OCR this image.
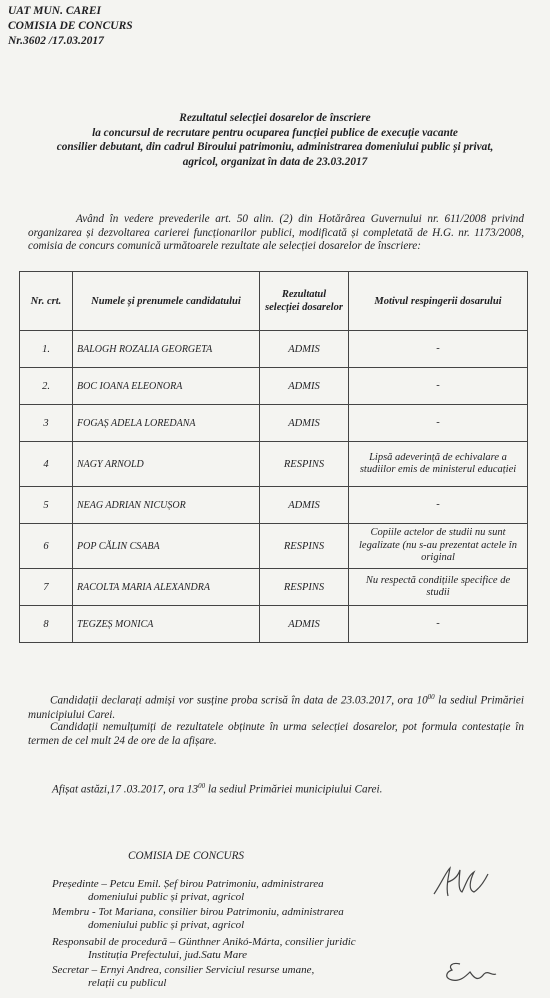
UAT MUN. CAREI
COMISIA DE CONCURS
Nr.3602 /17.03.2017
Rezultatul selecției dosarelor de înscriere
la concursul de recrutare pentru ocuparea funcției publice de execuție vacante
consilier debutant, din cadrul Biroului patrimoniu, administrarea domeniului public și privat,
agricol, organizat în data de 23.03.2017
Având în vedere prevederile art. 50 alin. (2) din Hotărârea Guvernului nr. 611/2008 privind organizarea și dezvoltarea carierei funcționarilor publici, modificată și completată de H.G. nr. 1173/2008, comisia de concurs comunică următoarele rezultate ale selecției dosarelor de înscriere:
Nr. crt.	Numele și prenumele candidatului	Rezultatul selecției dosarelor	Motivul respingerii dosarului
1.	BALOGH ROZALIA GEORGETA	ADMIS	-
2.	BOC IOANA ELEONORA	ADMIS	-
3	FOGAȘ ADELA LOREDANA	ADMIS	-
4	NAGY ARNOLD	RESPINS	Lipsă adeverință de echivalare a studiilor emis de ministerul educației
5	NEAG ADRIAN NICUȘOR	ADMIS	-
6	POP CĂLIN CSABA	RESPINS	Copiile actelor de studii nu sunt legalizate (nu s-au prezentat actele în original
7	RACOLTA MARIA ALEXANDRA	RESPINS	Nu respectă condițiile specifice de studii
8	TEGZEȘ MONICA	ADMIS	-
Candidații declarați admiși vor susține proba scrisă în data de 23.03.2017, ora $10^{00}$ la sediul Primăriei municipiului Carei.
Candidații nemulțumiți de rezultatele obținute în urma selecției dosarelor, pot formula contestație în termen de cel mult 24 de ore de la afișare.
Afișat astăzi,17 .03.2017, ora $13^{00}$ la sediul Primăriei municipiului Carei.
COMISIA DE CONCURS
Președinte – Petcu Emil. Șef birou Patrimoniu, administrarea
domeniului public și privat, agricol
Membru - Tot Mariana, consilier birou Patrimoniu, administrarea
domeniului public și privat, agricol
Responsabil de procedură – Günthner Anikó-Márta, consilier juridic
Instituția Prefectului, jud.Satu Mare
Secretar – Ernyi Andrea, consilier Serviciul resurse umane,
relații cu publicul
